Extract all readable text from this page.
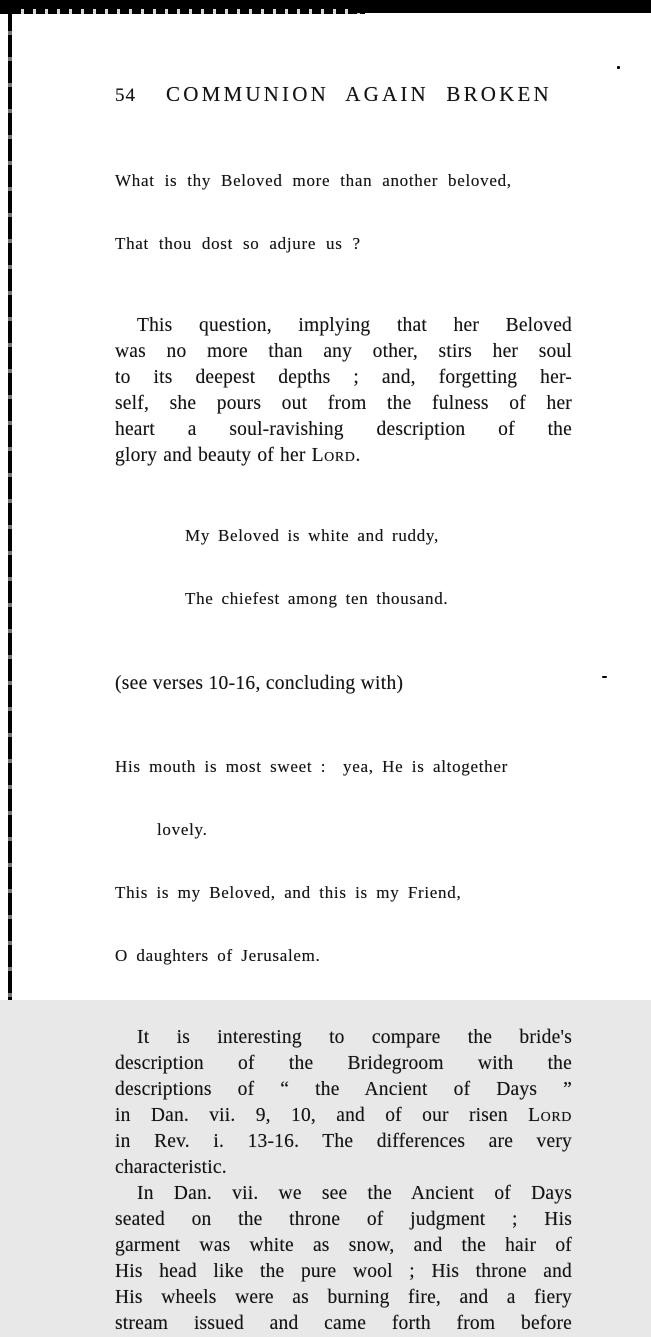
54 COMMUNION AGAIN BROKEN

What is thy Beloved more than another beloved,

That thou dost so adjure us ?

This question, implying that her Beloved
was no more than any other, stirs her soul
to its deepest depths ; and, forgetting her-
self, she pours out from the fulness of her
heart a soul-ravishing description of the
glory and beauty of her Lord.

My Beloved is white and ruddy,

The chiefest among ten thousand.

(see verses 10-16, concluding with)

His mouth is most sweet :  yea, He is altogether

lovely.

This is my Beloved, and this is my Friend,

O daughters of Jerusalem.

It is interesting to compare the bride's
description of the Bridegroom with the
descriptions of “ the Ancient of Days ”
in Dan. vii. 9, 10, and of our risen Lord
in Rev. i. 13-16. The differences are very
characteristic.
In Dan. vii. we see the Ancient of Days
seated on the throne of judgment ; His
garment was white as snow, and the hair of
His head like the pure wool ; His throne and
His wheels were as burning fire, and a fiery
stream issued and came forth from before
